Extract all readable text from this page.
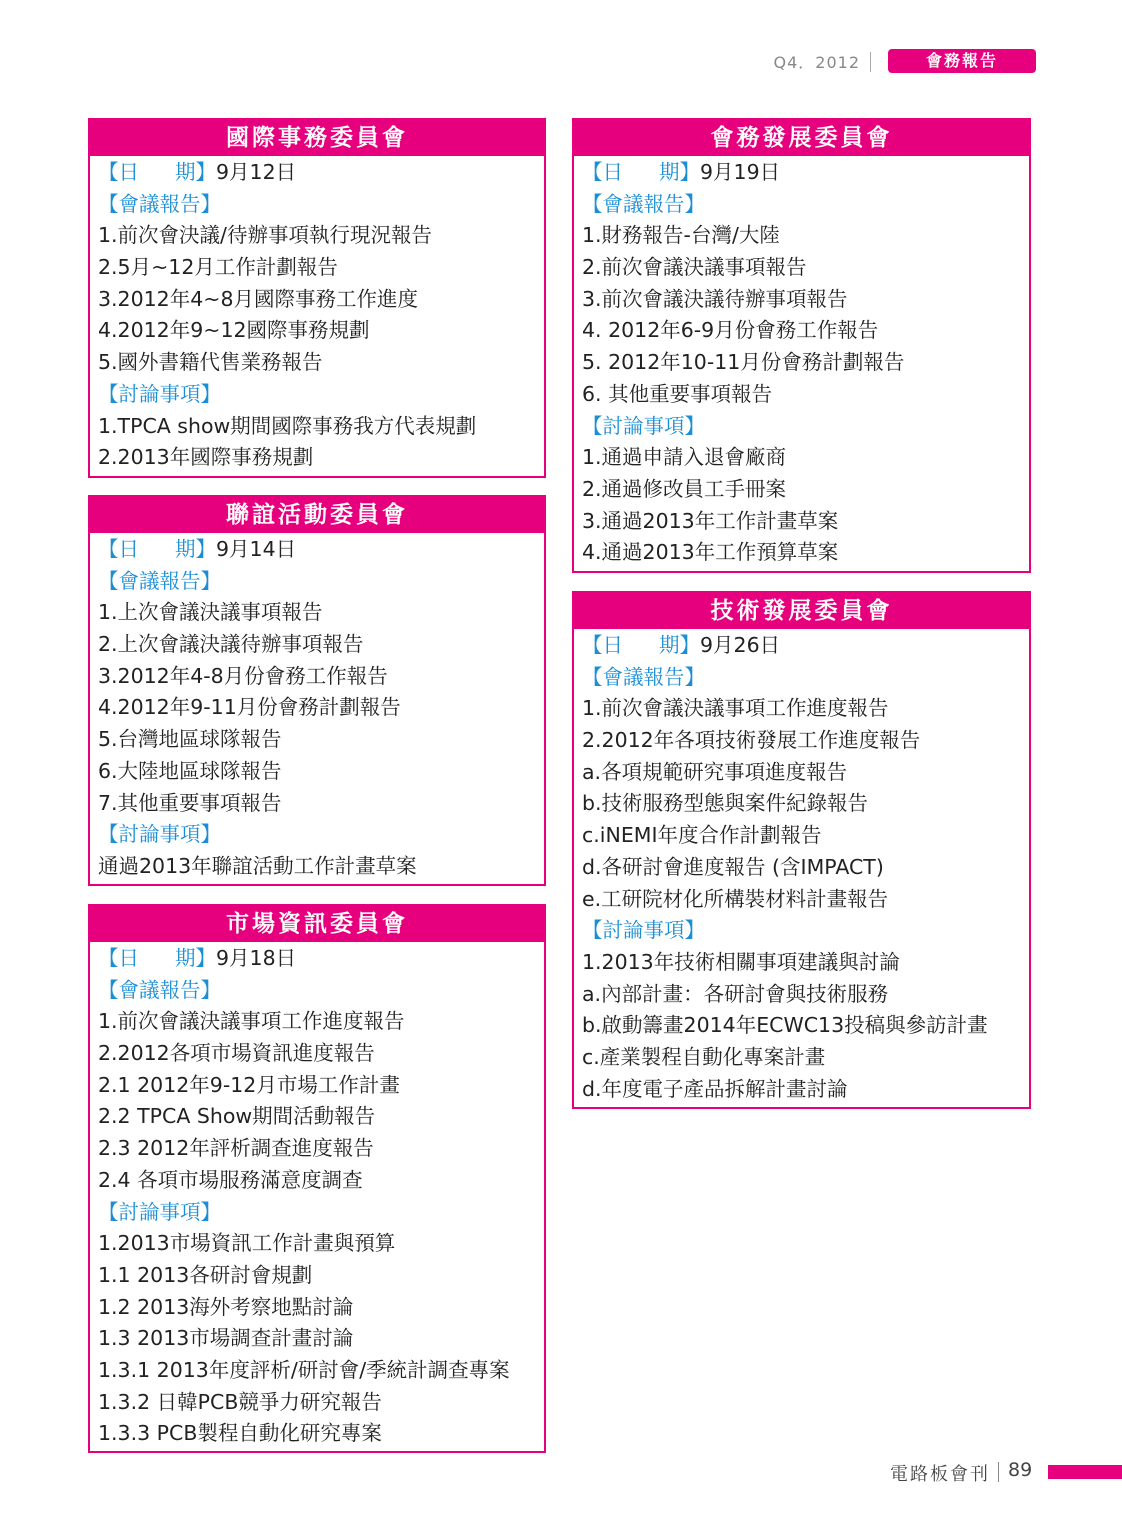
Q4．2012	會務報告
國際事務委員會
【日 期】9月12日
【會議報告】
1.前次會決議/待辦事項執行現況報告
2.5月~12月工作計劃報告
3.2012年4~8月國際事務工作進度
4.2012年9~12國際事務規劃
5.國外書籍代售業務報告
【討論事項】
1.TPCA show期間國際事務我方代表規劃
2.2013年國際事務規劃
聯誼活動委員會
【日 期】9月14日
【會議報告】
1.上次會議決議事項報告
2.上次會議決議待辦事項報告
3.2012年4-8月份會務工作報告
4.2012年9-11月份會務計劃報告
5.台灣地區球隊報告
6.大陸地區球隊報告
7.其他重要事項報告
【討論事項】
通過2013年聯誼活動工作計畫草案
市場資訊委員會
【日 期】9月18日
【會議報告】
1.前次會議決議事項工作進度報告
2.2012各項市場資訊進度報告
2.1 2012年9-12月市場工作計畫
2.2 TPCA Show期間活動報告
2.3 2012年評析調查進度報告
2.4 各項市場服務滿意度調查
【討論事項】
1.2013市場資訊工作計畫與預算
1.1 2013各研討會規劃
1.2 2013海外考察地點討論
1.3 2013市場調查計畫討論
1.3.1 2013年度評析/研討會/季統計調查專案
1.3.2 日韓PCB競爭力研究報告
1.3.3 PCB製程自動化研究專案
會務發展委員會
【日 期】9月19日
【會議報告】
1.財務報告-台灣/大陸
2.前次會議決議事項報告
3.前次會議決議待辦事項報告
4. 2012年6-9月份會務工作報告
5. 2012年10-11月份會務計劃報告
6. 其他重要事項報告
【討論事項】
1.通過申請入退會廠商
2.通過修改員工手冊案
3.通過2013年工作計畫草案
4.通過2013年工作預算草案
技術發展委員會
【日 期】9月26日
【會議報告】
1.前次會議決議事項工作進度報告
2.2012年各項技術發展工作進度報告
a.各項規範研究事項進度報告
b.技術服務型態與案件紀錄報告
c.iNEMI年度合作計劃報告
d.各研討會進度報告 (含IMPACT)
e.工研院材化所構裝材料計畫報告
【討論事項】
1.2013年技術相關事項建議與討論
a.內部計畫：各研討會與技術服務
b.啟動籌畫2014年ECWC13投稿與參訪計畫
c.產業製程自動化專案計畫
d.年度電子產品拆解計畫討論
電路板會刊 89
